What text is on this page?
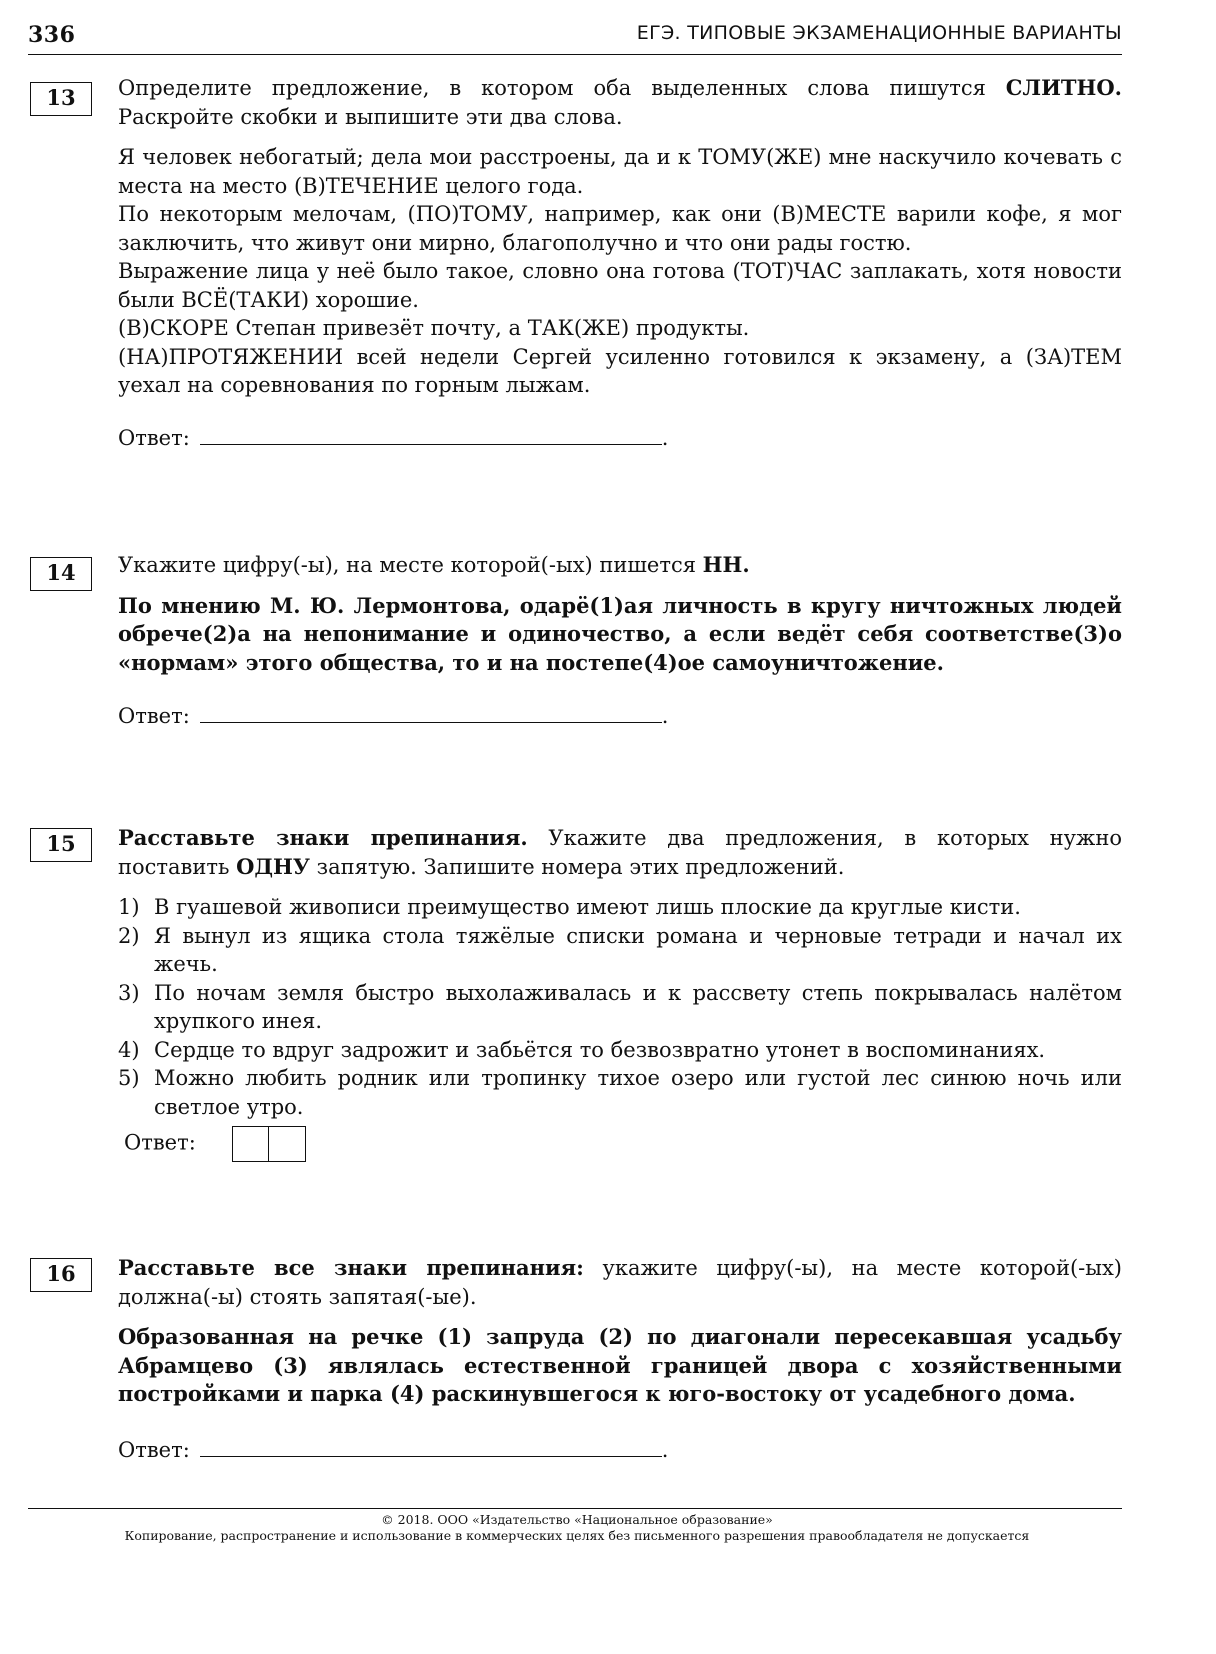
336	ЕГЭ. ТИПОВЫЕ ЭКЗАМЕНАЦИОННЫЕ ВАРИАНТЫ
13	Определите предложение, в котором оба выделенных слова пишутся СЛИТНО. Раскройте скобки и выпишите эти два слова.

Я человек небогатый; дела мои расстроены, да и к ТОМУ(ЖЕ) мне наскучило кочевать с места на место (В)ТЕЧЕНИЕ целого года.

По некоторым мелочам, (ПО)ТОМУ, например, как они (В)МЕСТЕ варили кофе, я мог заключить, что живут они мирно, благополучно и что они рады гостю.

Выражение лица у неё было такое, словно она готова (ТОТ)ЧАС заплакать, хотя новости были ВСЁ(ТАКИ) хорошие.

(В)СКОРЕ Степан привезёт почту, а ТАК(ЖЕ) продукты.

(НА)ПРОТЯЖЕНИИ всей недели Сергей усиленно готовился к экзамену, а (ЗА)ТЕМ уехал на соревнования по горным лыжам.

Ответ:	.
14	Укажите цифру(-ы), на месте которой(-ых) пишется НН.

По мнению М. Ю. Лермонтова, одарё(1)ая личность в кругу ничтожных людей обрече(2)а на непонимание и одиночество, а если ведёт себя соответстве(3)о «нормам» этого общества, то и на постепе(4)ое самоуничтожение.

Ответ:	.
15	Расставьте знаки препинания. Укажите два предложения, в которых нужно поставить ОДНУ запятую. Запишите номера этих предложений.

1) В гуашевой живописи преимущество имеют лишь плоские да круглые кисти.
2) Я вынул из ящика стола тяжёлые списки романа и черновые тетради и начал их жечь.
3) По ночам земля быстро выхолаживалась и к рассвету степь покрывалась налётом хрупкого инея.
4) Сердце то вдруг задрожит и забьётся то безвозвратно утонет в воспоминаниях.
5) Можно любить родник или тропинку тихое озеро или густой лес синюю ночь или светлое утро.
Ответ:
16	Расставьте все знаки препинания: укажите цифру(-ы), на месте которой(-ых) должна(-ы) стоять запятая(-ые).

Образованная на речке (1) запруда (2) по диагонали пересекавшая усадьбу Абрамцево (3) являлась естественной границей двора с хозяйственными постройками и парка (4) раскинувшегося к юго-востоку от усадебного дома.

Ответ:	.
© 2018. ООО «Издательство «Национальное образование»
Копирование, распространение и использование в коммерческих целях без письменного разрешения правообладателя не допускается
